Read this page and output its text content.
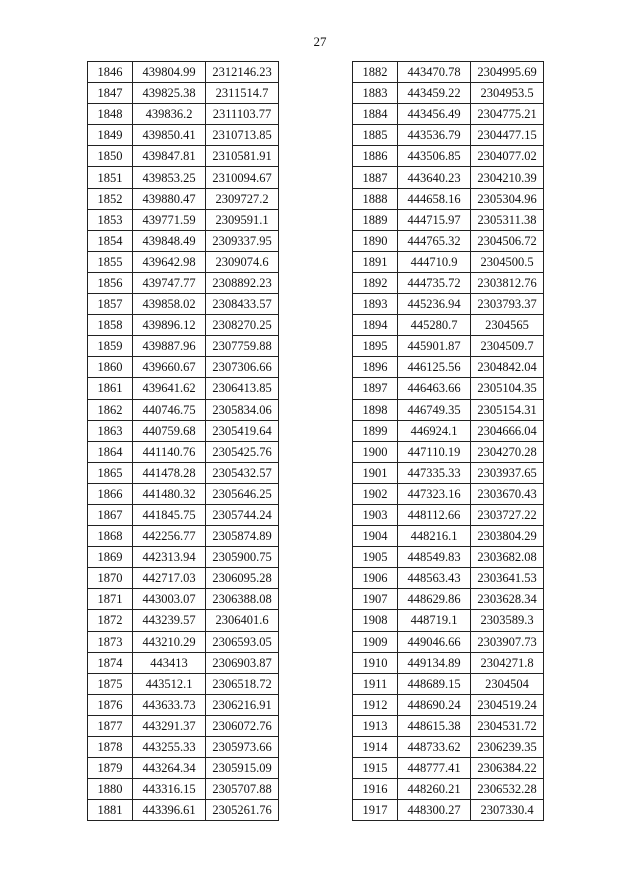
27
1846	439804.99	2312146.23
1847	439825.38	2311514.7
1848	439836.2	2311103.77
1849	439850.41	2310713.85
1850	439847.81	2310581.91
1851	439853.25	2310094.67
1852	439880.47	2309727.2
1853	439771.59	2309591.1
1854	439848.49	2309337.95
1855	439642.98	2309074.6
1856	439747.77	2308892.23
1857	439858.02	2308433.57
1858	439896.12	2308270.25
1859	439887.96	2307759.88
1860	439660.67	2307306.66
1861	439641.62	2306413.85
1862	440746.75	2305834.06
1863	440759.68	2305419.64
1864	441140.76	2305425.76
1865	441478.28	2305432.57
1866	441480.32	2305646.25
1867	441845.75	2305744.24
1868	442256.77	2305874.89
1869	442313.94	2305900.75
1870	442717.03	2306095.28
1871	443003.07	2306388.08
1872	443239.57	2306401.6
1873	443210.29	2306593.05
1874	443413	2306903.87
1875	443512.1	2306518.72
1876	443633.73	2306216.91
1877	443291.37	2306072.76
1878	443255.33	2305973.66
1879	443264.34	2305915.09
1880	443316.15	2305707.88
1881	443396.61	2305261.76
1882	443470.78	2304995.69
1883	443459.22	2304953.5
1884	443456.49	2304775.21
1885	443536.79	2304477.15
1886	443506.85	2304077.02
1887	443640.23	2304210.39
1888	444658.16	2305304.96
1889	444715.97	2305311.38
1890	444765.32	2304506.72
1891	444710.9	2304500.5
1892	444735.72	2303812.76
1893	445236.94	2303793.37
1894	445280.7	2304565
1895	445901.87	2304509.7
1896	446125.56	2304842.04
1897	446463.66	2305104.35
1898	446749.35	2305154.31
1899	446924.1	2304666.04
1900	447110.19	2304270.28
1901	447335.33	2303937.65
1902	447323.16	2303670.43
1903	448112.66	2303727.22
1904	448216.1	2303804.29
1905	448549.83	2303682.08
1906	448563.43	2303641.53
1907	448629.86	2303628.34
1908	448719.1	2303589.3
1909	449046.66	2303907.73
1910	449134.89	2304271.8
1911	448689.15	2304504
1912	448690.24	2304519.24
1913	448615.38	2304531.72
1914	448733.62	2306239.35
1915	448777.41	2306384.22
1916	448260.21	2306532.28
1917	448300.27	2307330.4
